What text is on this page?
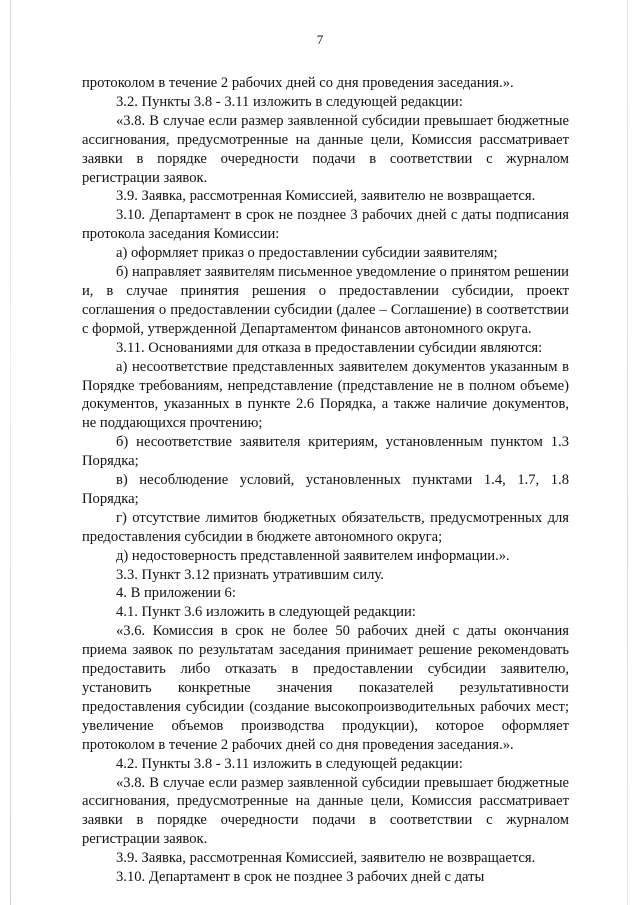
7

протоколом в течение 2 рабочих дней со дня проведения заседания.».

3.2. Пункты 3.8 - 3.11 изложить в следующей редакции:

«3.8. В случае если размер заявленной субсидии превышает бюджетные ассигнования, предусмотренные на данные цели, Комиссия рассматривает заявки в порядке очередности подачи в соответствии с журналом регистрации заявок.

3.9. Заявка, рассмотренная Комиссией, заявителю не возвращается.

3.10. Департамент в срок не позднее 3 рабочих дней с даты подписания протокола заседания Комиссии:

а) оформляет приказ о предоставлении субсидии заявителям;

б) направляет заявителям письменное уведомление о принятом решении и, в случае принятия решения о предоставлении субсидии, проект соглашения о предоставлении субсидии (далее – Соглашение) в соответствии с формой, утвержденной Департаментом финансов автономного округа.

3.11. Основаниями для отказа в предоставлении субсидии являются:

а) несоответствие представленных заявителем документов указанным в Порядке требованиям, непредставление (представление не в полном объеме) документов, указанных в пункте 2.6 Порядка, а также наличие документов, не поддающихся прочтению;

б) несоответствие заявителя критериям, установленным пунктом 1.3 Порядка;

в) несоблюдение условий, установленных пунктами 1.4, 1.7, 1.8 Порядка;

г) отсутствие лимитов бюджетных обязательств, предусмотренных для предоставления субсидии в бюджете автономного округа;

д) недостоверность представленной заявителем информации.».

3.3. Пункт 3.12 признать утратившим силу.

4. В приложении 6:

4.1. Пункт 3.6 изложить в следующей редакции:

«3.6. Комиссия в срок не более 50 рабочих дней с даты окончания приема заявок по результатам заседания принимает решение рекомендовать предоставить либо отказать в предоставлении субсидии заявителю, установить конкретные значения показателей результативности предоставления субсидии (создание высокопроизводительных рабочих мест; увеличение объемов производства продукции), которое оформляет протоколом в течение 2 рабочих дней со дня проведения заседания.».

4.2. Пункты 3.8 - 3.11 изложить в следующей редакции:

«3.8. В случае если размер заявленной субсидии превышает бюджетные ассигнования, предусмотренные на данные цели, Комиссия рассматривает заявки в порядке очередности подачи в соответствии с журналом регистрации заявок.

3.9. Заявка, рассмотренная Комиссией, заявителю не возвращается.

3.10. Департамент в срок не позднее 3 рабочих дней с даты
